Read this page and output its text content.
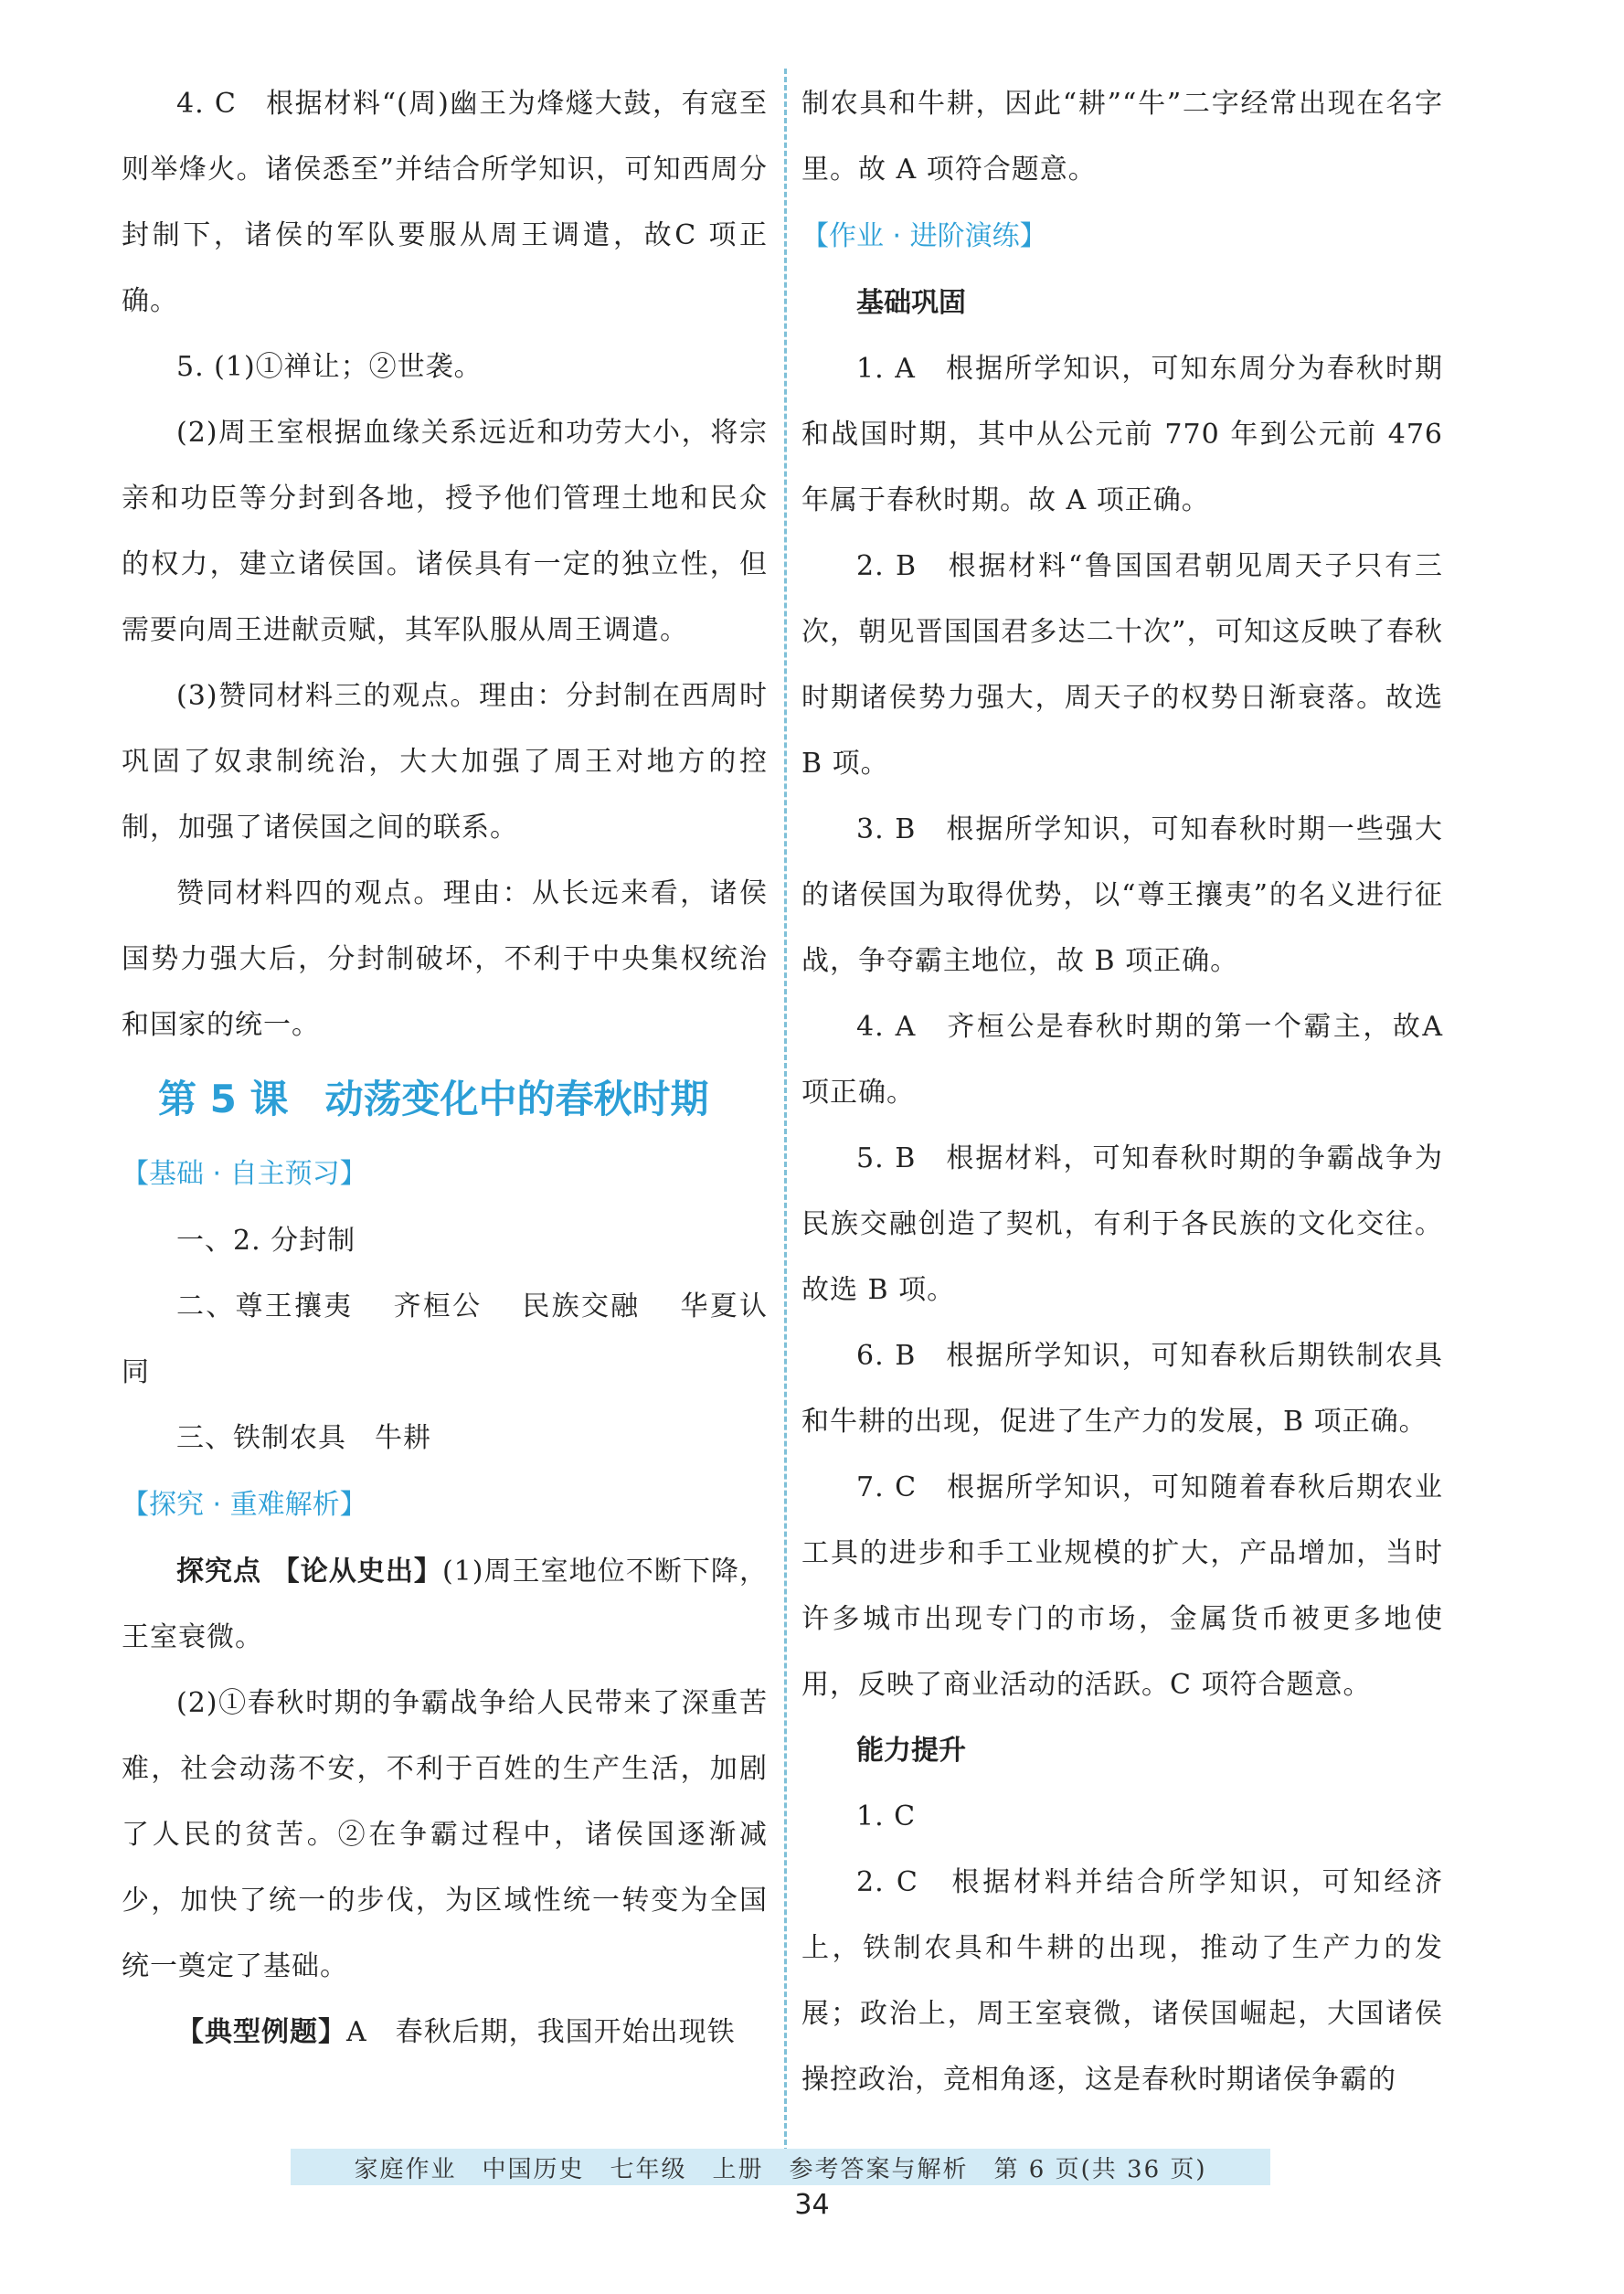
4. C　根据材料“(周)幽王为烽燧大鼓，有寇至则举烽火。诸侯悉至”并结合所学知识，可知西周分封制下，诸侯的军队要服从周王调遣，故C 项正确。

5. (1)①禅让；②世袭。

(2)周王室根据血缘关系远近和功劳大小，将宗亲和功臣等分封到各地，授予他们管理土地和民众的权力，建立诸侯国。诸侯具有一定的独立性，但需要向周王进献贡赋，其军队服从周王调遣。

(3)赞同材料三的观点。理由：分封制在西周时巩固了奴隶制统治，大大加强了周王对地方的控制，加强了诸侯国之间的联系。

赞同材料四的观点。理由：从长远来看，诸侯国势力强大后，分封制破坏，不利于中央集权统治和国家的统一。

第 5 课 动荡变化中的春秋时期

【基础 · 自主预习】

一、2. 分封制

二、尊王攘夷　 齐桓公　 民族交融　 华夏认同

三、铁制农具　牛耕

【探究 · 重难解析】

探究点 【论从史出】(1)周王室地位不断下降，王室衰微。

(2)①春秋时期的争霸战争给人民带来了深重苦难，社会动荡不安，不利于百姓的生产生活，加剧了人民的贫苦。②在争霸过程中，诸侯国逐渐减少，加快了统一的步伐，为区域性统一转变为全国统一奠定了基础。

【典型例题】A　春秋后期，我国开始出现铁

制农具和牛耕，因此“耕”“牛”二字经常出现在名字里。故 A 项符合题意。

【作业 · 进阶演练】

基础巩固

1. A　根据所学知识，可知东周分为春秋时期和战国时期，其中从公元前 770 年到公元前 476 年属于春秋时期。故 A 项正确。

2. B　根据材料“鲁国国君朝见周天子只有三次，朝见晋国国君多达二十次”，可知这反映了春秋时期诸侯势力强大，周天子的权势日渐衰落。故选 B 项。

3. B　根据所学知识，可知春秋时期一些强大的诸侯国为取得优势，以“尊王攘夷”的名义进行征战，争夺霸主地位，故 B 项正确。

4. A　齐桓公是春秋时期的第一个霸主，故A 项正确。

5. B　根据材料，可知春秋时期的争霸战争为民族交融创造了契机，有利于各民族的文化交往。故选 B 项。

6. B　根据所学知识，可知春秋后期铁制农具和牛耕的出现，促进了生产力的发展，B 项正确。

7. C　根据所学知识，可知随着春秋后期农业工具的进步和手工业规模的扩大，产品增加，当时许多城市出现专门的市场，金属货币被更多地使用，反映了商业活动的活跃。C 项符合题意。

能力提升

1. C

2. C　根据材料并结合所学知识，可知经济上，铁制农具和牛耕的出现，推动了生产力的发展；政治上，周王室衰微，诸侯国崛起，大国诸侯操控政治，竞相角逐，这是春秋时期诸侯争霸的

家庭作业 中国历史 七年级 上册 参考答案与解析 第 6 页(共 36 页)
34
